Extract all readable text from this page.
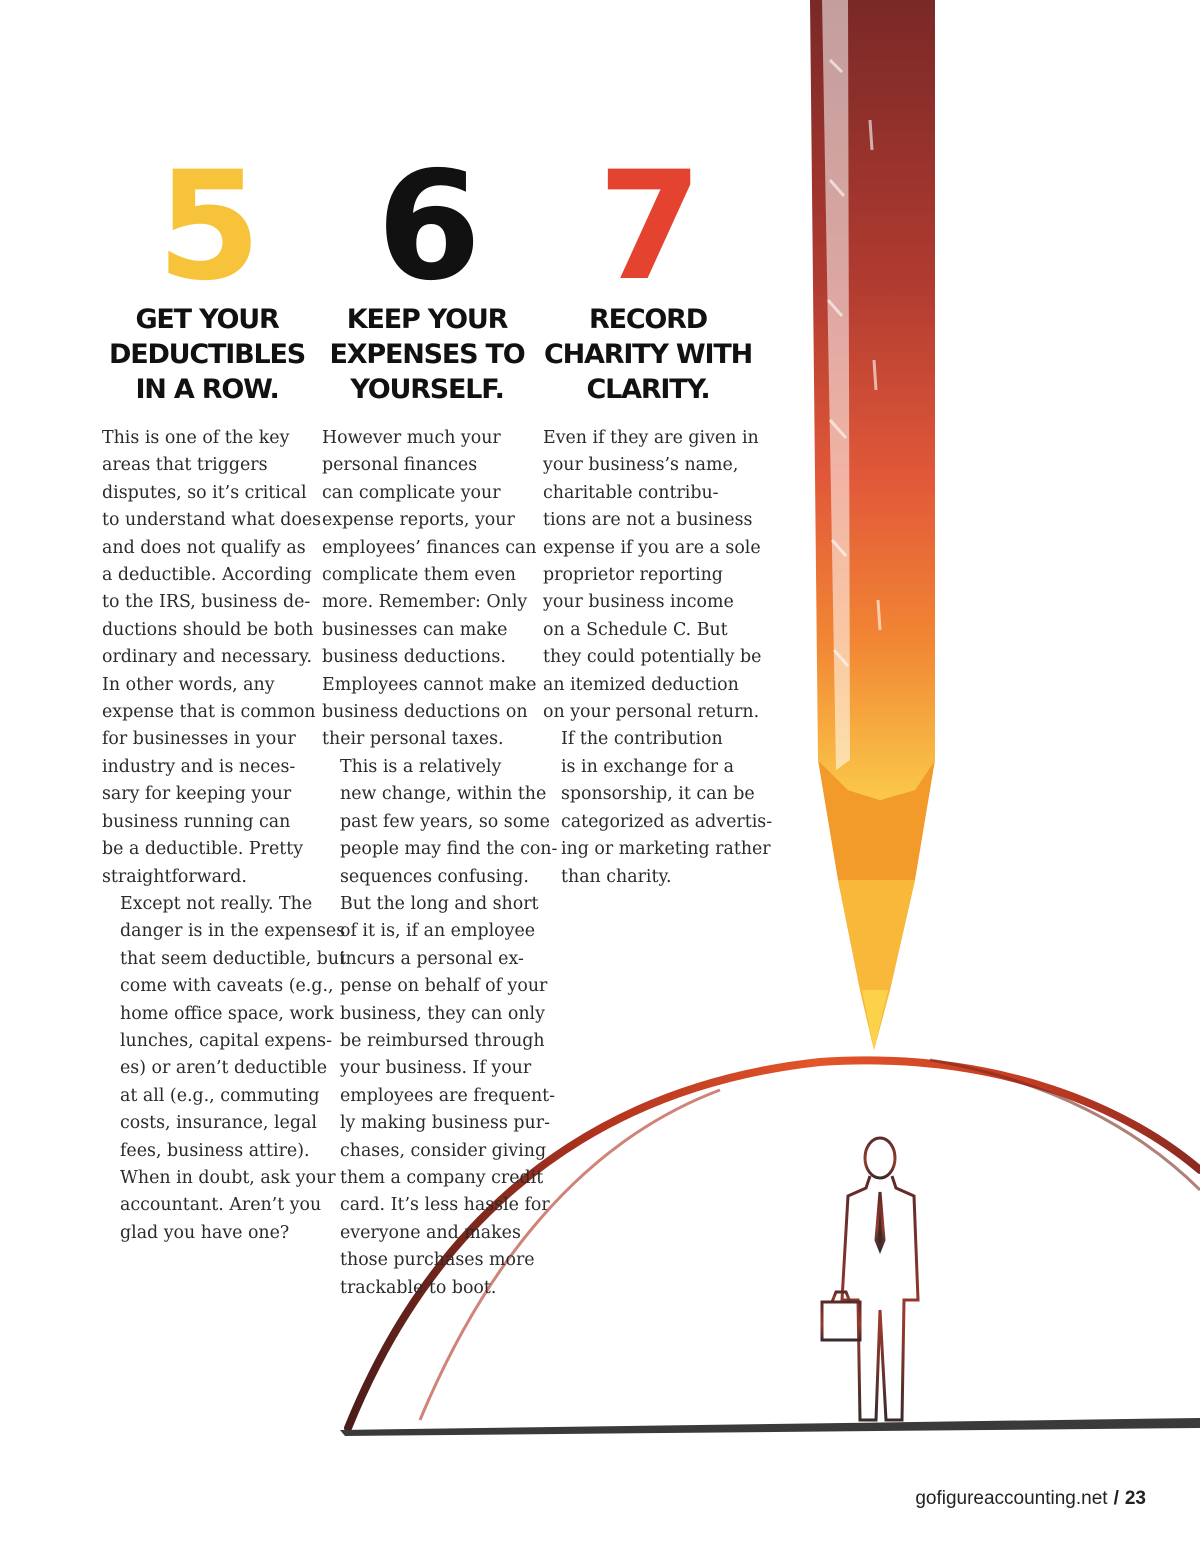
5
GET YOUR
DEDUCTIBLES
IN A ROW.

This is one of the key
areas that triggers
disputes, so it’s critical
to understand what does
and does not qualify as
a deductible. According
to the IRS, business de-
ductions should be both
ordinary and necessary.
In other words, any
expense that is common
for businesses in your
industry and is neces-
sary for keeping your
business running can
be a deductible. Pretty
straightforward.

Except not really. The
danger is in the expenses
that seem deductible, but
come with caveats (e.g.,
home office space, work
lunches, capital expens-
es) or aren’t deductible
at all (e.g., commuting
costs, insurance, legal
fees, business attire).
When in doubt, ask your
accountant. Aren’t you
glad you have one?

6
KEEP YOUR
EXPENSES TO
YOURSELF.

However much your
personal finances
can complicate your
expense reports, your
employees’ finances can
complicate them even
more. Remember: Only
businesses can make
business deductions.
Employees cannot make
business deductions on
their personal taxes.

This is a relatively
new change, within the
past few years, so some
people may find the con-
sequences confusing.
But the long and short
of it is, if an employee
incurs a personal ex-
pense on behalf of your
business, they can only
be reimbursed through
your business. If your
employees are frequent-
ly making business pur-
chases, consider giving
them a company credit
card. It’s less hassle for
everyone and makes
those purchases more
trackable to boot.

7
RECORD
CHARITY WITH
CLARITY.

Even if they are given in
your business’s name,
charitable contribu-
tions are not a business
expense if you are a sole
proprietor reporting
your business income
on a Schedule C. But
they could potentially be
an itemized deduction
on your personal return.

If the contribution
is in exchange for a
sponsorship, it can be
categorized as advertis-
ing or marketing rather
than charity.

gofigureaccounting.net / 23
